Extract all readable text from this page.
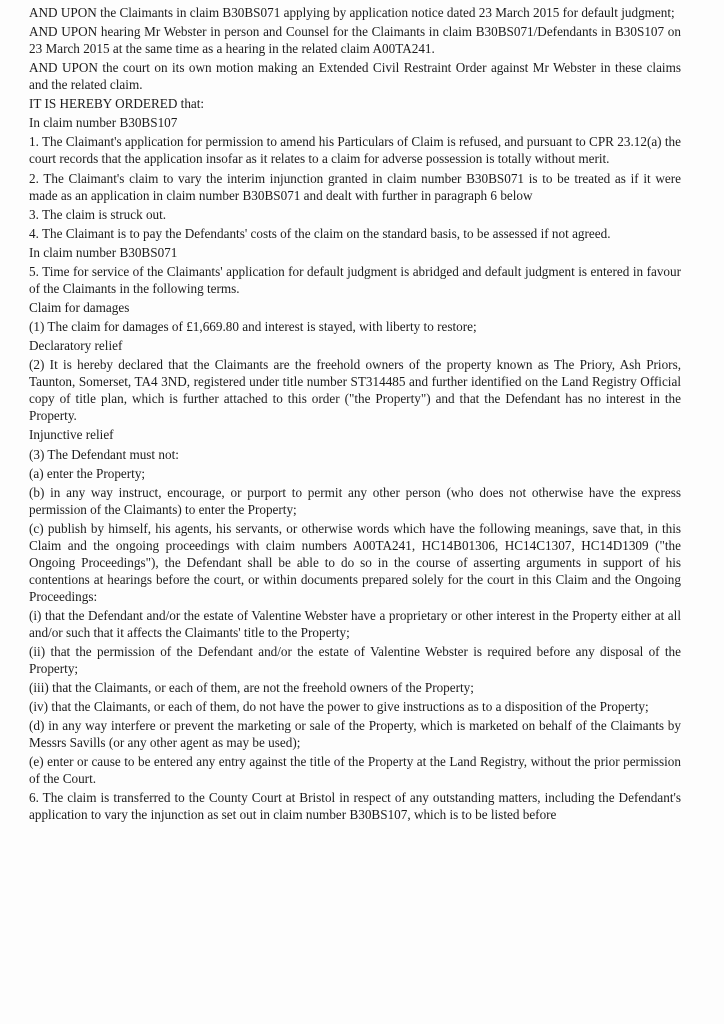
AND UPON the Claimants in claim B30BS071 applying by application notice dated 23 March 2015 for default judgment;

AND UPON hearing Mr Webster in person and Counsel for the Claimants in claim B30BS071/Defendants in B30S107 on 23 March 2015 at the same time as a hearing in the related claim A00TA241.

AND UPON the court on its own motion making an Extended Civil Restraint Order against Mr Webster in these claims and the related claim.

IT IS HEREBY ORDERED that:

In claim number B30BS107

1. The Claimant's application for permission to amend his Particulars of Claim is refused, and pursuant to CPR 23.12(a) the court records that the application insofar as it relates to a claim for adverse possession is totally without merit.

2. The Claimant's claim to vary the interim injunction granted in claim number B30BS071 is to be treated as if it were made as an application in claim number B30BS071 and dealt with further in paragraph 6 below

3. The claim is struck out.

4. The Claimant is to pay the Defendants' costs of the claim on the standard basis, to be assessed if not agreed.

In claim number B30BS071

5. Time for service of the Claimants' application for default judgment is abridged and default judgment is entered in favour of the Claimants in the following terms.

Claim for damages

(1) The claim for damages of £1,669.80 and interest is stayed, with liberty to restore;

Declaratory relief

(2) It is hereby declared that the Claimants are the freehold owners of the property known as The Priory, Ash Priors, Taunton, Somerset, TA4 3ND, registered under title number ST314485 and further identified on the Land Registry Official copy of title plan, which is further attached to this order ("the Property") and that the Defendant has no interest in the Property.

Injunctive relief

(3) The Defendant must not:

(a) enter the Property;

(b) in any way instruct, encourage, or purport to permit any other person (who does not otherwise have the express permission of the Claimants) to enter the Property;

(c) publish by himself, his agents, his servants, or otherwise words which have the following meanings, save that, in this Claim and the ongoing proceedings with claim numbers A00TA241, HC14B01306, HC14C1307, HC14D1309 ("the Ongoing Proceedings"), the Defendant shall be able to do so in the course of asserting arguments in support of his contentions at hearings before the court, or within documents prepared solely for the court in this Claim and the Ongoing Proceedings:

(i) that the Defendant and/or the estate of Valentine Webster have a proprietary or other interest in the Property either at all and/or such that it affects the Claimants' title to the Property;

(ii) that the permission of the Defendant and/or the estate of Valentine Webster is required before any disposal of the Property;

(iii) that the Claimants, or each of them, are not the freehold owners of the Property;

(iv) that the Claimants, or each of them, do not have the power to give instructions as to a disposition of the Property;

(d) in any way interfere or prevent the marketing or sale of the Property, which is marketed on behalf of the Claimants by Messrs Savills (or any other agent as may be used);

(e) enter or cause to be entered any entry against the title of the Property at the Land Registry, without the prior permission of the Court.

6. The claim is transferred to the County Court at Bristol in respect of any outstanding matters, including the Defendant's application to vary the injunction as set out in claim number B30BS107, which is to be listed before
